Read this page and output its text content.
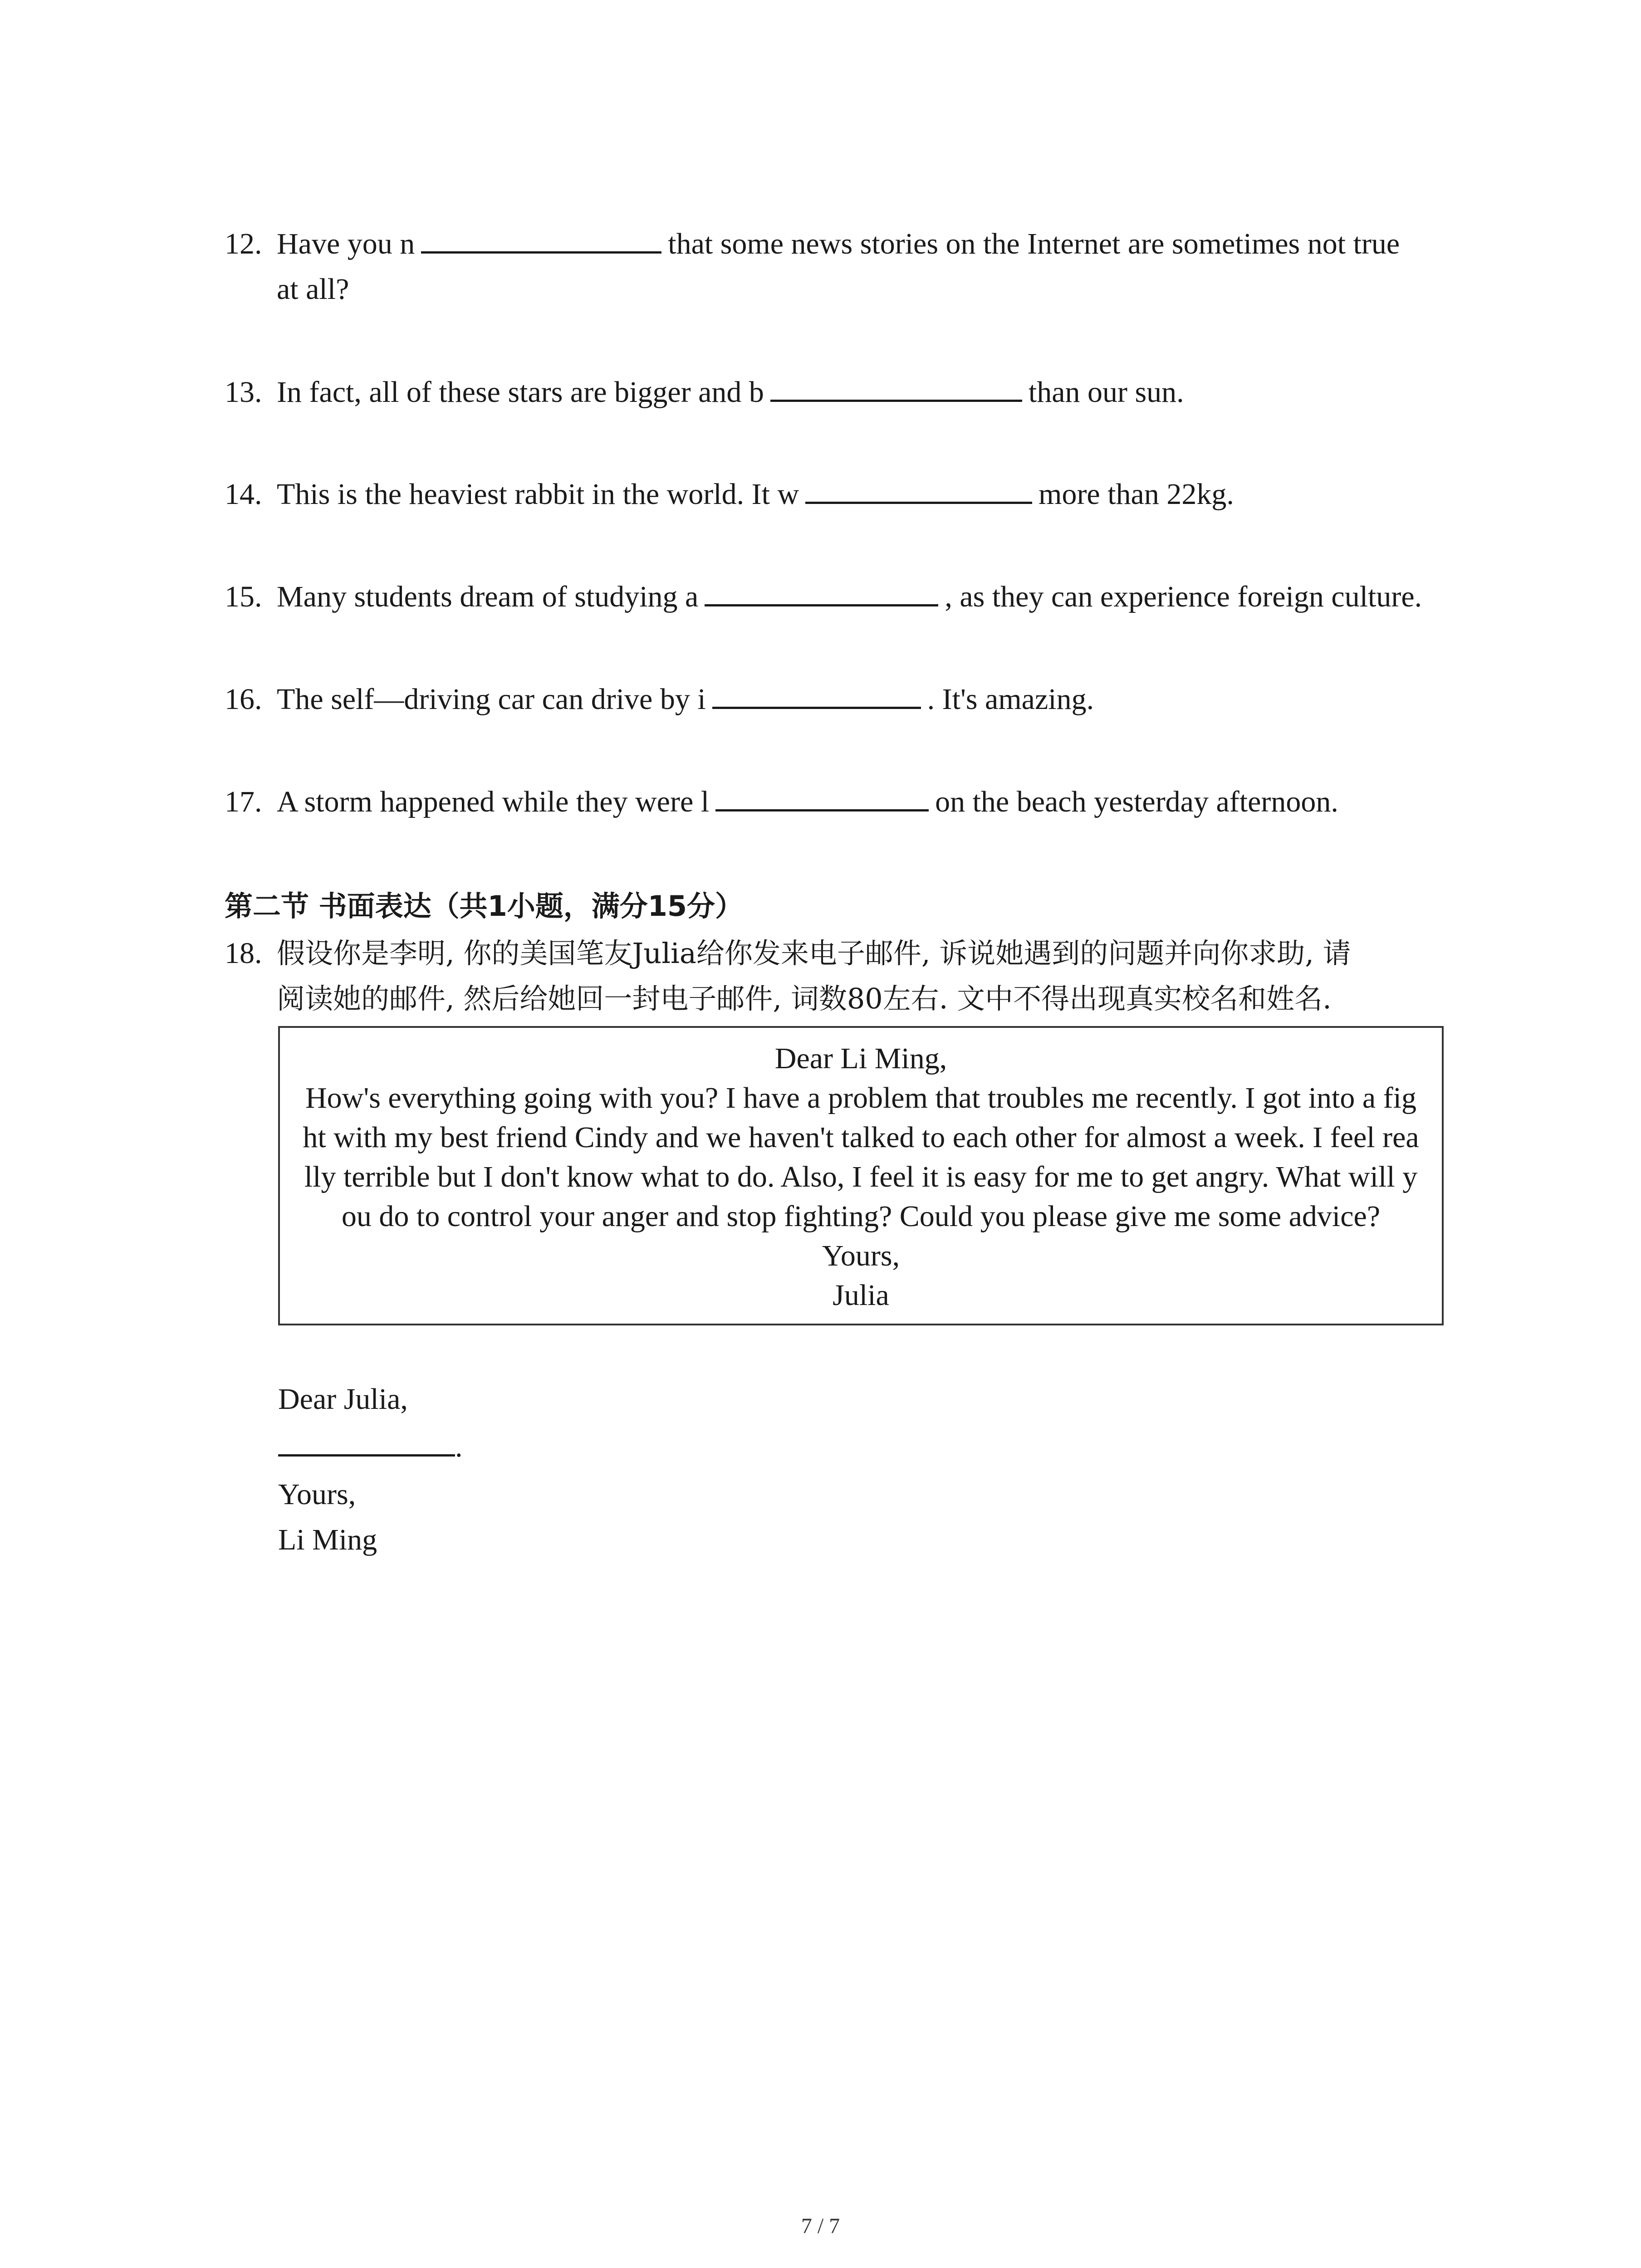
12. Have you n	that some news stories on the Internet are sometimes not true
at all?
13. In fact, all of these stars are bigger and b	than our sun.
14. This is the heaviest rabbit in the world. It w	more than 22kg.
15. Many students dream of studying a	, as they can experience foreign culture.
16. The self—driving car can drive by i	. It's amazing.
17. A storm happened while they were l	on the beach yesterday afternoon.
第二节 书面表达（共1小题，满分15分）
18. 假设你是李明, 你的美国笔友Julia给你发来电子邮件, 诉说她遇到的问题并向你求助, 请
阅读她的邮件, 然后给她回一封电子邮件, 词数80左右. 文中不得出现真实校名和姓名.
Dear Li Ming,
How's everything going with you? I have a problem that troubles me recently. I got into a fig
ht with my best friend Cindy and we haven't talked to each other for almost a week. I feel rea
lly terrible but I don't know what to do. Also, I feel it is easy for me to get angry. What will y
ou do to control your anger and stop fighting? Could you please give me some advice?
Yours,
Julia
Dear Julia,
.
Yours,
Li Ming
7 / 7
